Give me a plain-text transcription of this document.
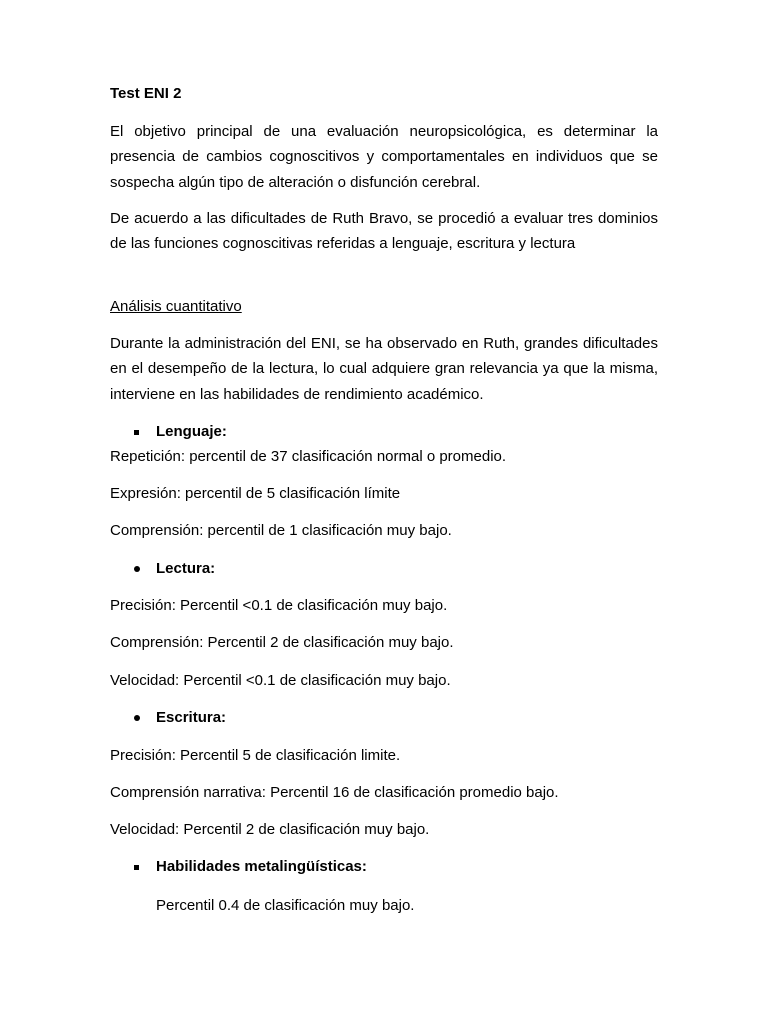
Test ENI 2

El objetivo principal de una evaluación neuropsicológica, es determinar la presencia de cambios cognoscitivos y comportamentales en individuos que se sospecha algún tipo de alteración o disfunción cerebral.

De acuerdo a las dificultades de Ruth Bravo, se procedió a evaluar tres dominios de las funciones cognoscitivas referidas a lenguaje, escritura y lectura

Análisis cuantitativo

Durante la administración del ENI, se ha observado en Ruth, grandes dificultades en el desempeño de la lectura, lo cual adquiere gran relevancia ya que la misma, interviene en las habilidades de rendimiento académico.

Lenguaje:
Repetición: percentil de 37 clasificación normal o promedio.
Expresión: percentil de 5 clasificación límite
Comprensión: percentil de 1 clasificación muy bajo.
Lectura:
Precisión: Percentil <0.1 de clasificación muy bajo.
Comprensión: Percentil 2 de clasificación muy bajo.
Velocidad: Percentil <0.1 de clasificación muy bajo.
Escritura:
Precisión: Percentil 5 de clasificación limite.
Comprensión narrativa: Percentil 16 de clasificación promedio bajo.
Velocidad: Percentil 2 de clasificación muy bajo.
Habilidades metalingüísticas:
Percentil 0.4 de clasificación muy bajo.
